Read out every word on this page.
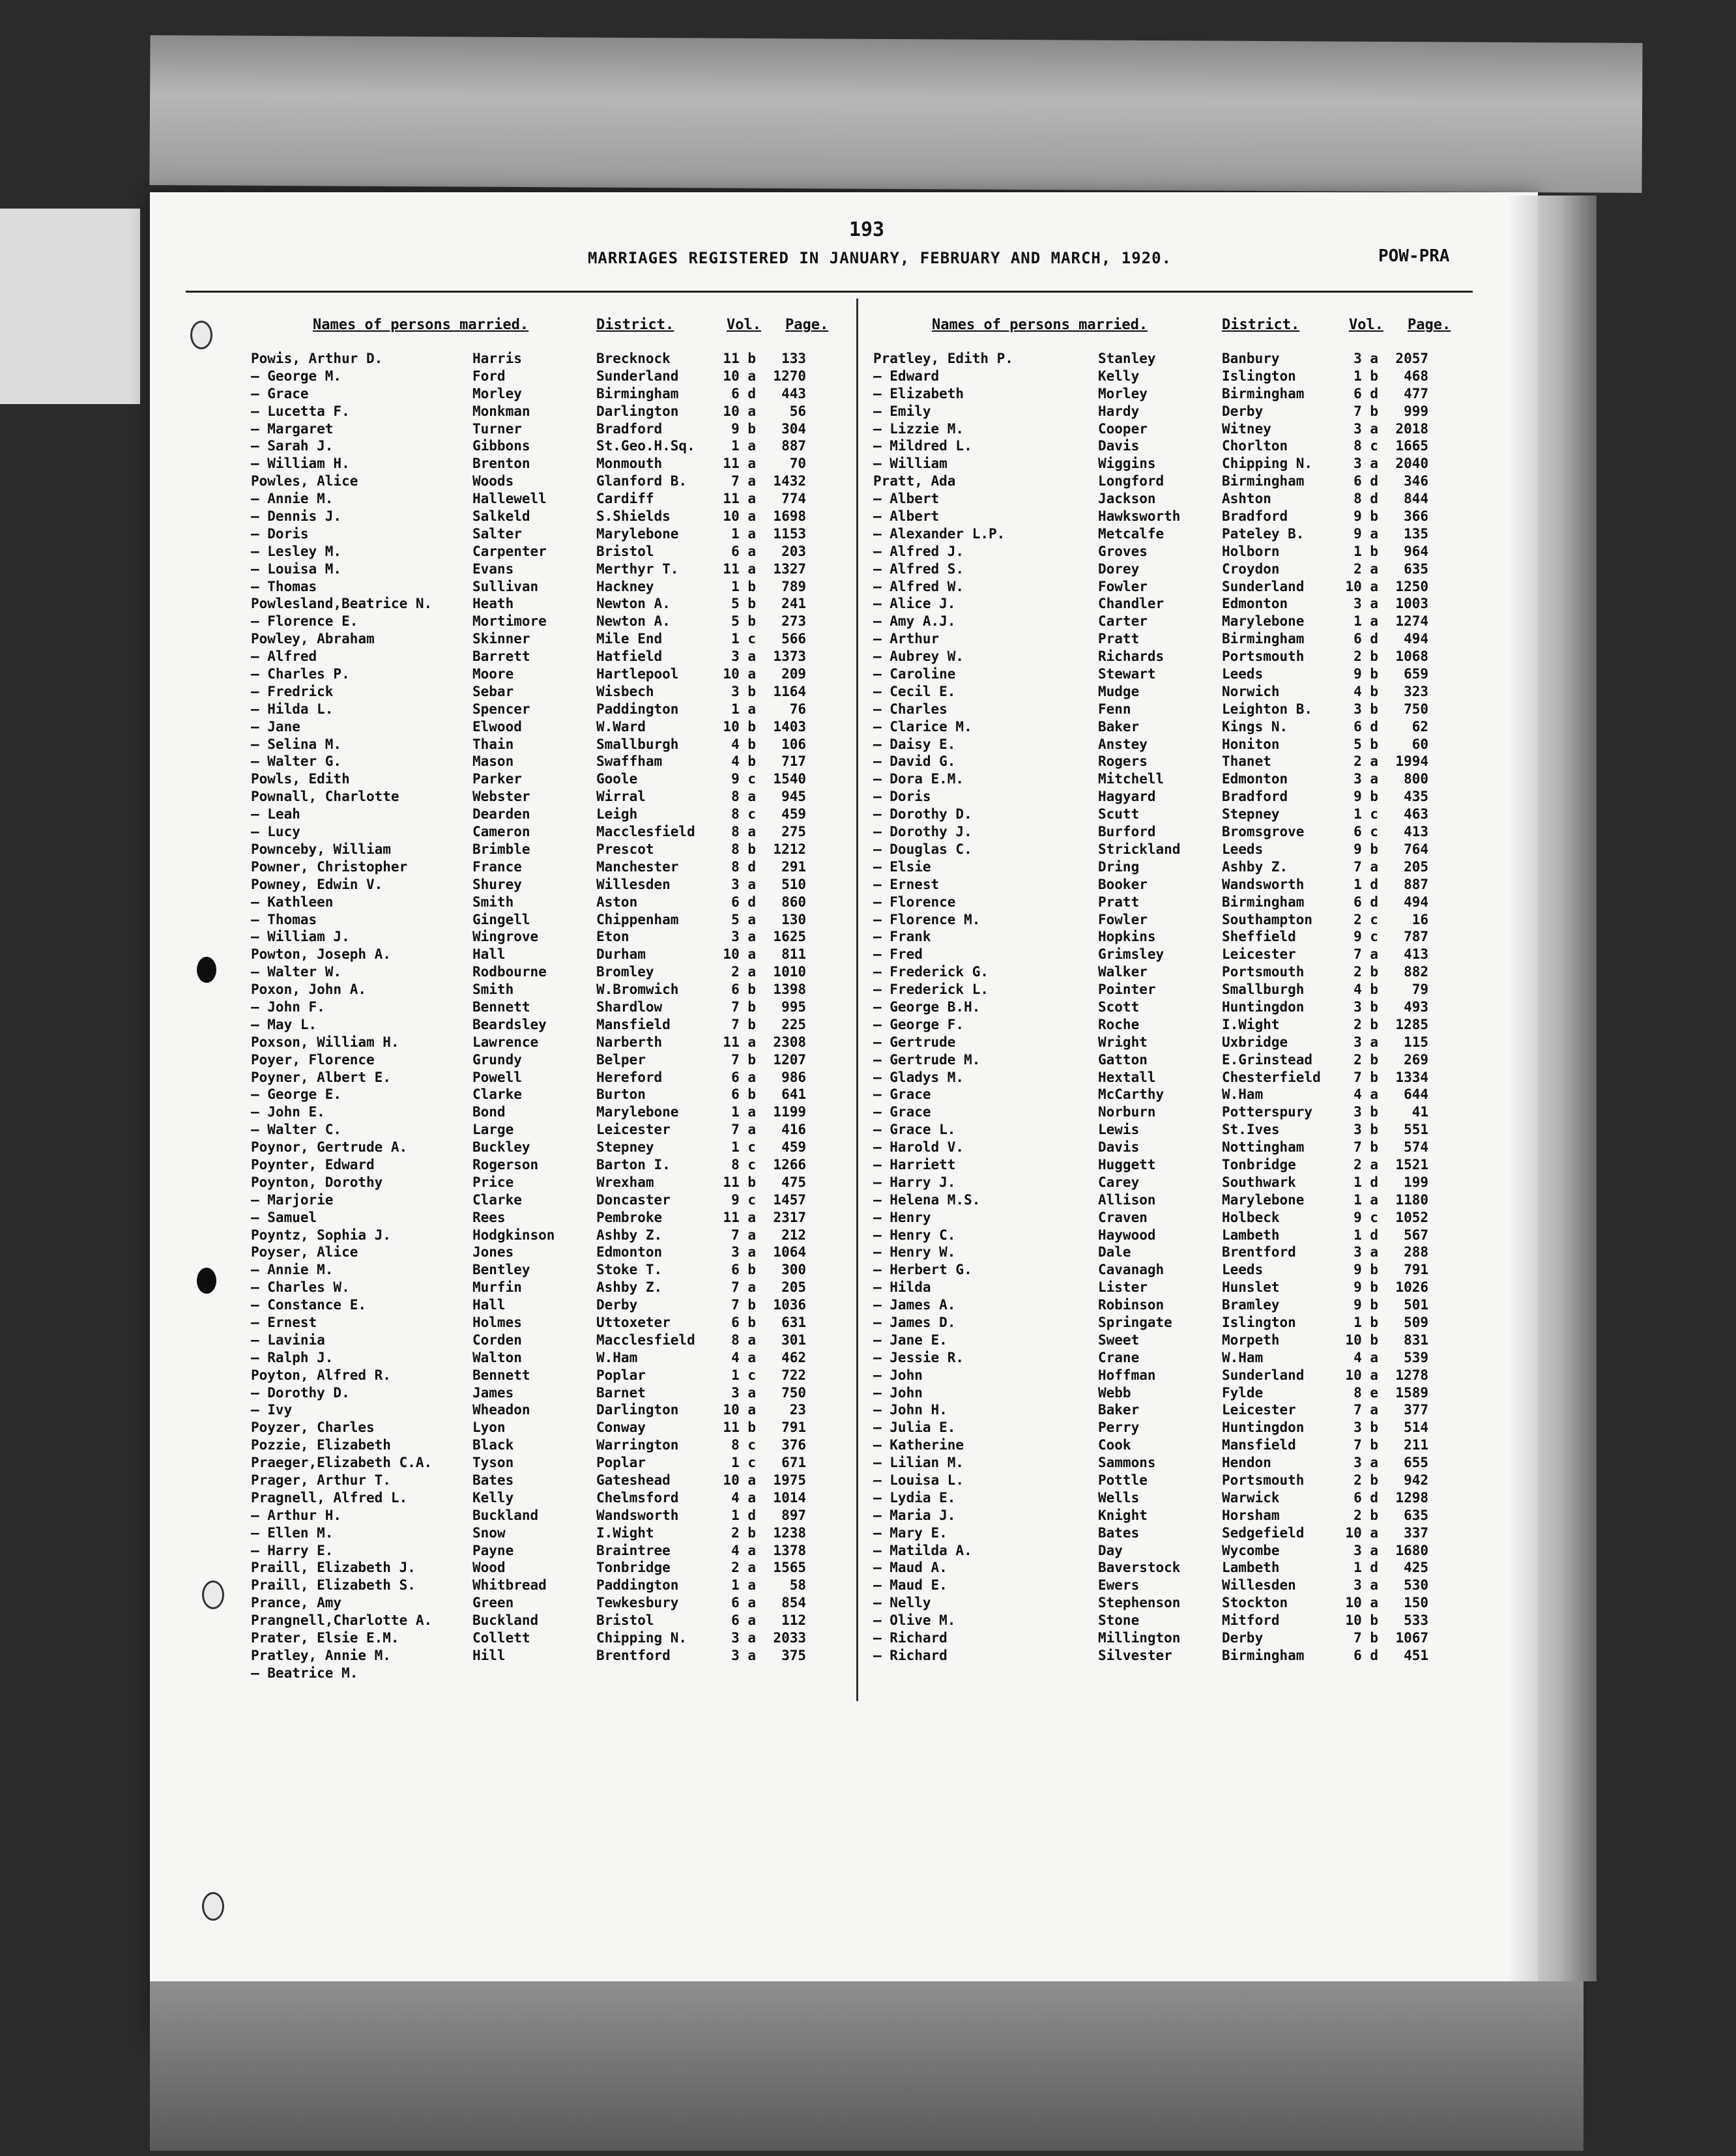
193
MARRIAGES REGISTERED IN JANUARY, FEBRUARY AND MARCH, 1920.	POW-PRA
Names of persons married.	District.	Vol. Page.
Powis, Arthur D.	Harris	Brecknock	11 b	133
— George M.	Ford	Sunderland	10 a	1270
— Grace	Morley	Birmingham	6 d	443
— Lucetta F.	Monkman	Darlington	10 a	56
— Margaret	Turner	Bradford	9 b	304
— Sarah J.	Gibbons	St.Geo.H.Sq.	1 a	887
— William H.	Brenton	Monmouth	11 a	70
Powles, Alice	Woods	Glanford B.	7 a	1432
— Annie M.	Hallewell	Cardiff	11 a	774
— Dennis J.	Salkeld	S.Shields	10 a	1698
— Doris	Salter	Marylebone	1 a	1153
— Lesley M.	Carpenter	Bristol	6 a	203
— Louisa M.	Evans	Merthyr T.	11 a	1327
— Thomas	Sullivan	Hackney	1 b	789
Powlesland,Beatrice N.	Heath	Newton A.	5 b	241
— Florence E.	Mortimore	Newton A.	5 b	273
Powley, Abraham	Skinner	Mile End	1 c	566
— Alfred	Barrett	Hatfield	3 a	1373
— Charles P.	Moore	Hartlepool	10 a	209
— Fredrick	Sebar	Wisbech	3 b	1164
— Hilda L.	Spencer	Paddington	1 a	76
— Jane	Elwood	W.Ward	10 b	1403
— Selina M.	Thain	Smallburgh	4 b	106
— Walter G.	Mason	Swaffham	4 b	717
Powls, Edith	Parker	Goole	9 c	1540
Pownall, Charlotte	Webster	Wirral	8 a	945
— Leah	Dearden	Leigh	8 c	459
— Lucy	Cameron	Macclesfield	8 a	275
Pownceby, William	Brimble	Prescot	8 b	1212
Powner, Christopher	France	Manchester	8 d	291
Powney, Edwin V.	Shurey	Willesden	3 a	510
— Kathleen	Smith	Aston	6 d	860
— Thomas	Gingell	Chippenham	5 a	130
— William J.	Wingrove	Eton	3 a	1625
Powton, Joseph A.	Hall	Durham	10 a	811
— Walter W.	Rodbourne	Bromley	2 a	1010
Poxon, John A.	Smith	W.Bromwich	6 b	1398
— John F.	Bennett	Shardlow	7 b	995
— May L.	Beardsley	Mansfield	7 b	225
Poxson, William H.	Lawrence	Narberth	11 a	2308
Poyer, Florence	Grundy	Belper	7 b	1207
Poyner, Albert E.	Powell	Hereford	6 a	986
— George E.	Clarke	Burton	6 b	641
— John E.	Bond	Marylebone	1 a	1199
— Walter C.	Large	Leicester	7 a	416
Poynor, Gertrude A.	Buckley	Stepney	1 c	459
Poynter, Edward	Rogerson	Barton I.	8 c	1266
Poynton, Dorothy	Price	Wrexham	11 b	475
— Marjorie	Clarke	Doncaster	9 c	1457
— Samuel	Rees	Pembroke	11 a	2317
Poyntz, Sophia J.	Hodgkinson	Ashby Z.	7 a	212
Poyser, Alice	Jones	Edmonton	3 a	1064
— Annie M.	Bentley	Stoke T.	6 b	300
— Charles W.	Murfin	Ashby Z.	7 a	205
— Constance E.	Hall	Derby	7 b	1036
— Ernest	Holmes	Uttoxeter	6 b	631
— Lavinia	Corden	Macclesfield	8 a	301
— Ralph J.	Walton	W.Ham	4 a	462
Poyton, Alfred R.	Bennett	Poplar	1 c	722
— Dorothy D.	James	Barnet	3 a	750
— Ivy	Wheadon	Darlington	10 a	23
Poyzer, Charles	Lyon	Conway	11 b	791
Pozzie, Elizabeth	Black	Warrington	8 c	376
Praeger,Elizabeth C.A.	Tyson	Poplar	1 c	671
Prager, Arthur T.	Bates	Gateshead	10 a	1975
Pragnell, Alfred L.	Kelly	Chelmsford	4 a	1014
— Arthur H.	Buckland	Wandsworth	1 d	897
— Ellen M.	Snow	I.Wight	2 b	1238
— Harry E.	Payne	Braintree	4 a	1378
Praill, Elizabeth J.	Wood	Tonbridge	2 a	1565
Praill, Elizabeth S.	Whitbread	Paddington	1 a	58
Prance, Amy	Green	Tewkesbury	6 a	854
Prangnell,Charlotte A.	Buckland	Bristol	6 a	112
Prater, Elsie E.M.	Collett	Chipping N.	3 a	2033
Pratley, Annie M.	Hill	Brentford	3 a	375
— Beatrice M.
Names of persons married.	District.	Vol. Page.
Pratley, Edith P.	Stanley	Banbury	3 a	2057
— Edward	Kelly	Islington	1 b	468
— Elizabeth	Morley	Birmingham	6 d	477
— Emily	Hardy	Derby	7 b	999
— Lizzie M.	Cooper	Witney	3 a	2018
— Mildred L.	Davis	Chorlton	8 c	1665
— William	Wiggins	Chipping N.	3 a	2040
Pratt, Ada	Longford	Birmingham	6 d	346
— Albert	Jackson	Ashton	8 d	844
— Albert	Hawksworth	Bradford	9 b	366
— Alexander L.P.	Metcalfe	Pateley B.	9 a	135
— Alfred J.	Groves	Holborn	1 b	964
— Alfred S.	Dorey	Croydon	2 a	635
— Alfred W.	Fowler	Sunderland	10 a	1250
— Alice J.	Chandler	Edmonton	3 a	1003
— Amy A.J.	Carter	Marylebone	1 a	1274
— Arthur	Pratt	Birmingham	6 d	494
— Aubrey W.	Richards	Portsmouth	2 b	1068
— Caroline	Stewart	Leeds	9 b	659
— Cecil E.	Mudge	Norwich	4 b	323
— Charles	Fenn	Leighton B.	3 b	750
— Clarice M.	Baker	Kings N.	6 d	62
— Daisy E.	Anstey	Honiton	5 b	60
— David G.	Rogers	Thanet	2 a	1994
— Dora E.M.	Mitchell	Edmonton	3 a	800
— Doris	Hagyard	Bradford	9 b	435
— Dorothy D.	Scutt	Stepney	1 c	463
— Dorothy J.	Burford	Bromsgrove	6 c	413
— Douglas C.	Strickland	Leeds	9 b	764
— Elsie	Dring	Ashby Z.	7 a	205
— Ernest	Booker	Wandsworth	1 d	887
— Florence	Pratt	Birmingham	6 d	494
— Florence M.	Fowler	Southampton	2 c	16
— Frank	Hopkins	Sheffield	9 c	787
— Fred	Grimsley	Leicester	7 a	413
— Frederick G.	Walker	Portsmouth	2 b	882
— Frederick L.	Pointer	Smallburgh	4 b	79
— George B.H.	Scott	Huntingdon	3 b	493
— George F.	Roche	I.Wight	2 b	1285
— Gertrude	Wright	Uxbridge	3 a	115
— Gertrude M.	Gatton	E.Grinstead	2 b	269
— Gladys M.	Hextall	Chesterfield	7 b	1334
— Grace	McCarthy	W.Ham	4 a	644
— Grace	Norburn	Potterspury	3 b	41
— Grace L.	Lewis	St.Ives	3 b	551
— Harold V.	Davis	Nottingham	7 b	574
— Harriett	Huggett	Tonbridge	2 a	1521
— Harry J.	Carey	Southwark	1 d	199
— Helena M.S.	Allison	Marylebone	1 a	1180
— Henry	Craven	Holbeck	9 c	1052
— Henry C.	Haywood	Lambeth	1 d	567
— Henry W.	Dale	Brentford	3 a	288
— Herbert G.	Cavanagh	Leeds	9 b	791
— Hilda	Lister	Hunslet	9 b	1026
— James A.	Robinson	Bramley	9 b	501
— James D.	Springate	Islington	1 b	509
— Jane E.	Sweet	Morpeth	10 b	831
— Jessie R.	Crane	W.Ham	4 a	539
— John	Hoffman	Sunderland	10 a	1278
— John	Webb	Fylde	8 e	1589
— John H.	Baker	Leicester	7 a	377
— Julia E.	Perry	Huntingdon	3 b	514
— Katherine	Cook	Mansfield	7 b	211
— Lilian M.	Sammons	Hendon	3 a	655
— Louisa L.	Pottle	Portsmouth	2 b	942
— Lydia E.	Wells	Warwick	6 d	1298
— Maria J.	Knight	Horsham	2 b	635
— Mary E.	Bates	Sedgefield	10 a	337
— Matilda A.	Day	Wycombe	3 a	1680
— Maud A.	Baverstock	Lambeth	1 d	425
— Maud E.	Ewers	Willesden	3 a	530
— Nelly	Stephenson	Stockton	10 a	150
— Olive M.	Stone	Mitford	10 b	533
— Richard	Millington	Derby	7 b	1067
— Richard	Silvester	Birmingham	6 d	451
